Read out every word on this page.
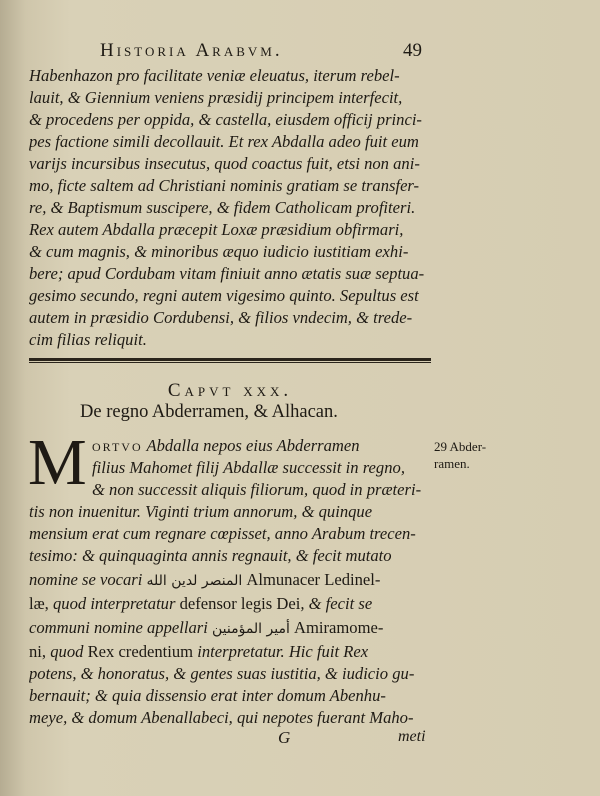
Historia Arabvm.	49
Habenhazon pro facilitate veniæ eleuatus, iterum rebel-
lauit, & Giennium veniens præsidij principem interfecit,
& procedens per oppida, & castella, eiusdem officij princi-
pes factione simili decollauit. Et rex Abdalla adeo fuit eum
varijs incursibus insecutus, quod coactus fuit, etsi non ani-
mo, ficte saltem ad Christiani nominis gratiam se transfer-
re, & Baptismum suscipere, & fidem Catholicam profiteri.
Rex autem Abdalla præcepit Loxæ præsidium obfirmari,
& cum magnis, & minoribus æquo iudicio iustitiam exhi-
bere; apud Cordubam vitam finiuit anno ætatis suæ septua-
gesimo secundo, regni autem vigesimo quinto. Sepultus est
autem in præsidio Cordubensi, & filios vndecim, & trede-
cim filias reliquit.
Capvt xxx.
De regno Abderramen, & Alhacan.
M ortvo Abdalla nepos eius Abderramen
filius Mahomet filij Abdallæ successit in regno,
& non successit aliquis filiorum, quod in præteri-
tis non inuenitur. Viginti trium annorum, & quinque
mensium erat cum regnare cœpisset, anno Arabum trecen-
tesimo: & quinquaginta annis regnauit, & fecit mutato
nomine se vocari المنصر لدين الله Almunacer Ledinel-
læ, quod interpretatur defensor legis Dei, & fecit se
communi nomine appellari أمير المؤمنين Amiramome-
ni, quod Rex credentium interpretatur. Hic fuit Rex
potens, & honoratus, & gentes suas iustitia, & iudicio gu-
bernauit; & quia dissensio erat inter domum Abenhu-
meye, & domum Abenallabeci, qui nepotes fuerant Maho-
29 Abder-
ramen.
G	meti
